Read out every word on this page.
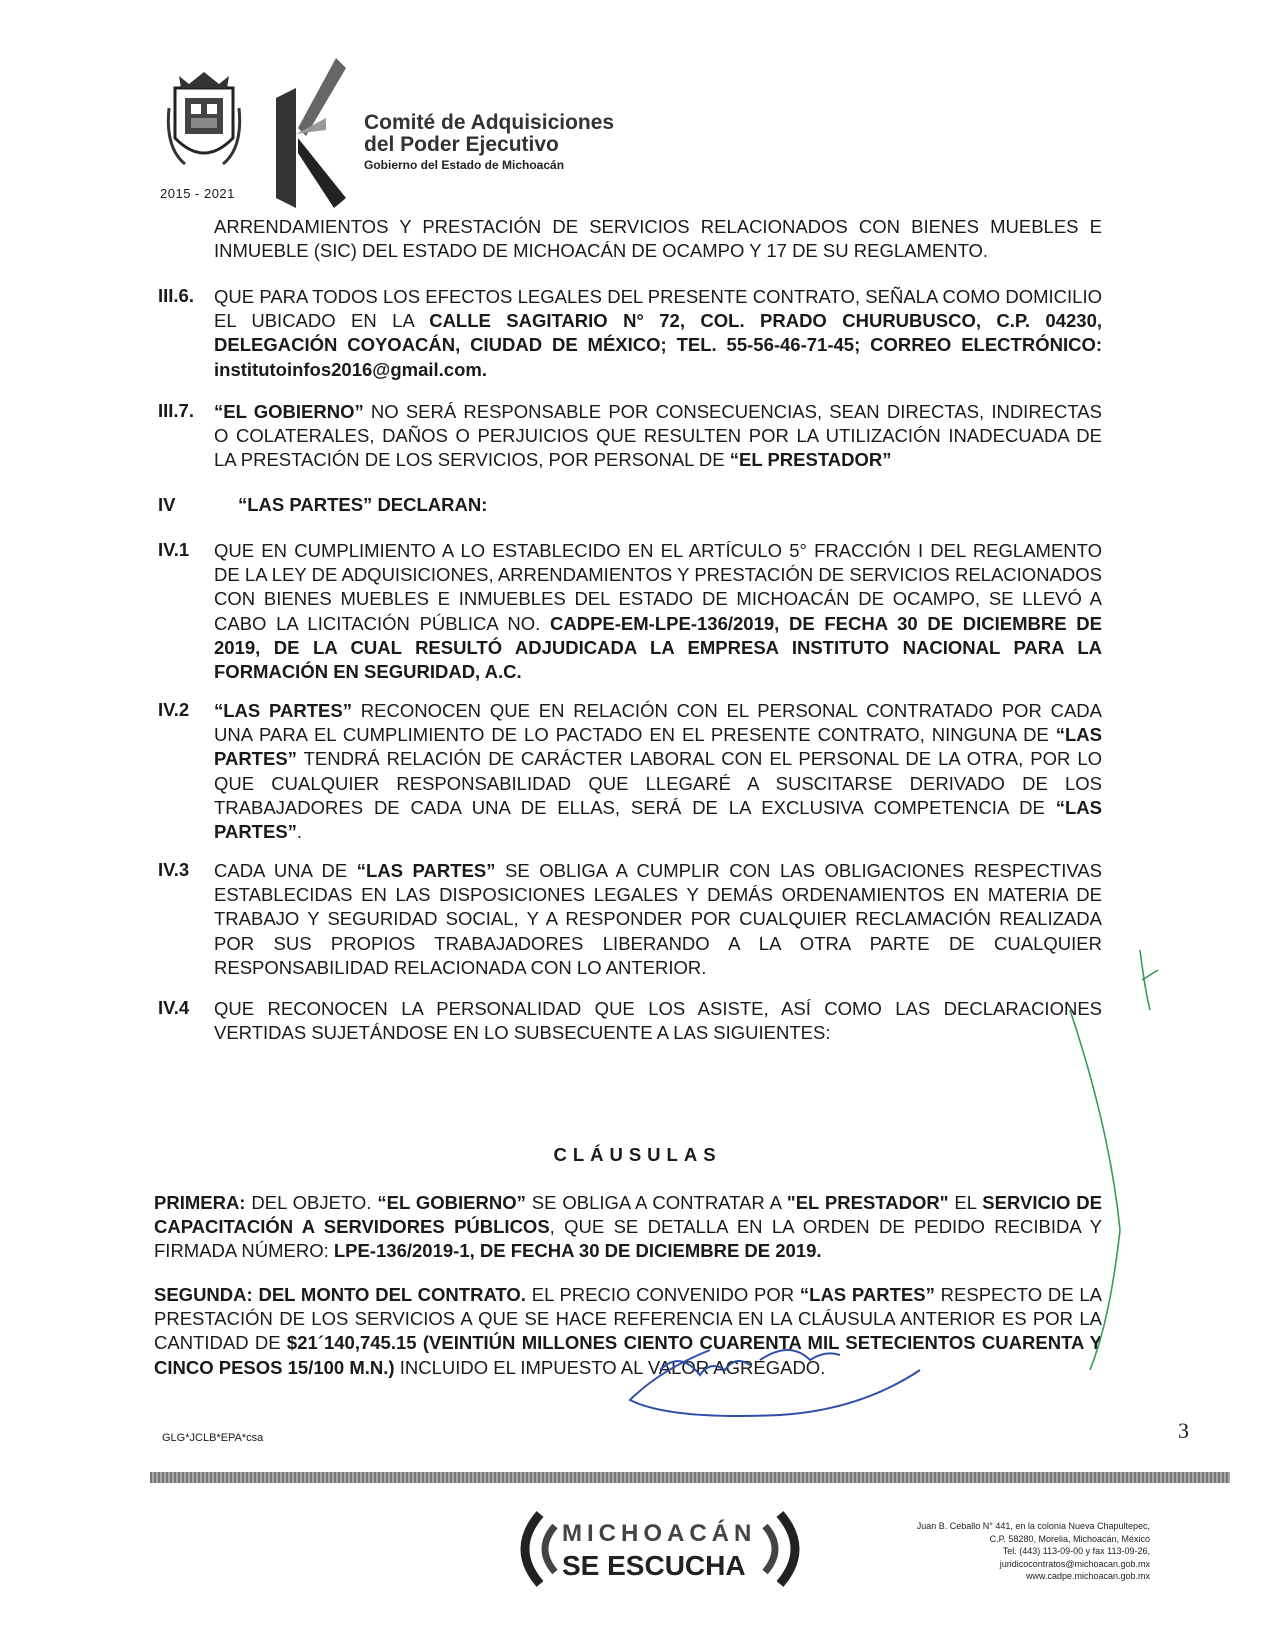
2015 - 2021
Comité de Adquisiciones
del Poder Ejecutivo
Gobierno del Estado de Michoacán
ARRENDAMIENTOS Y PRESTACIÓN DE SERVICIOS RELACIONADOS CON BIENES MUEBLES E INMUEBLE (SIC) DEL ESTADO DE MICHOACÁN DE OCAMPO Y 17 DE SU REGLAMENTO.
III.6. QUE PARA TODOS LOS EFECTOS LEGALES DEL PRESENTE CONTRATO, SEÑALA COMO DOMICILIO EL UBICADO EN LA CALLE SAGITARIO N° 72, COL. PRADO CHURUBUSCO, C.P. 04230, DELEGACIÓN COYOACÁN, CIUDAD DE MÉXICO; TEL. 55-56-46-71-45; CORREO ELECTRÓNICO: institutoinfos2016@gmail.com.
III.7. “EL GOBIERNO” NO SERÁ RESPONSABLE POR CONSECUENCIAS, SEAN DIRECTAS, INDIRECTAS O COLATERALES, DAÑOS O PERJUICIOS QUE RESULTEN POR LA UTILIZACIÓN INADECUADA DE LA PRESTACIÓN DE LOS SERVICIOS, POR PERSONAL DE “EL PRESTADOR”
IV	“LAS PARTES” DECLARAN:
IV.1 QUE EN CUMPLIMIENTO A LO ESTABLECIDO EN EL ARTÍCULO 5° FRACCIÓN I DEL REGLAMENTO DE LA LEY DE ADQUISICIONES, ARRENDAMIENTOS Y PRESTACIÓN DE SERVICIOS RELACIONADOS CON BIENES MUEBLES E INMUEBLES DEL ESTADO DE MICHOACÁN DE OCAMPO, SE LLEVÓ A CABO LA LICITACIÓN PÚBLICA NO. CADPE-EM-LPE-136/2019, DE FECHA 30 DE DICIEMBRE DE 2019, DE LA CUAL RESULTÓ ADJUDICADA LA EMPRESA INSTITUTO NACIONAL PARA LA FORMACIÓN EN SEGURIDAD, A.C.
IV.2 “LAS PARTES” RECONOCEN QUE EN RELACIÓN CON EL PERSONAL CONTRATADO POR CADA UNA PARA EL CUMPLIMIENTO DE LO PACTADO EN EL PRESENTE CONTRATO, NINGUNA DE “LAS PARTES” TENDRÁ RELACIÓN DE CARÁCTER LABORAL CON EL PERSONAL DE LA OTRA, POR LO QUE CUALQUIER RESPONSABILIDAD QUE LLEGARÉ A SUSCITARSE DERIVADO DE LOS TRABAJADORES DE CADA UNA DE ELLAS, SERÁ DE LA EXCLUSIVA COMPETENCIA DE “LAS PARTES”.
IV.3 CADA UNA DE “LAS PARTES” SE OBLIGA A CUMPLIR CON LAS OBLIGACIONES RESPECTIVAS ESTABLECIDAS EN LAS DISPOSICIONES LEGALES Y DEMÁS ORDENAMIENTOS EN MATERIA DE TRABAJO Y SEGURIDAD SOCIAL, Y A RESPONDER POR CUALQUIER RECLAMACIÓN REALIZADA POR SUS PROPIOS TRABAJADORES LIBERANDO A LA OTRA PARTE DE CUALQUIER RESPONSABILIDAD RELACIONADA CON LO ANTERIOR.
IV.4 QUE RECONOCEN LA PERSONALIDAD QUE LOS ASISTE, ASÍ COMO LAS DECLARACIONES VERTIDAS SUJETÁNDOSE EN LO SUBSECUENTE A LAS SIGUIENTES:
CLÁUSULAS
PRIMERA: DEL OBJETO. “EL GOBIERNO” SE OBLIGA A CONTRATAR A "EL PRESTADOR" EL SERVICIO DE CAPACITACIÓN A SERVIDORES PÚBLICOS, QUE SE DETALLA EN LA ORDEN DE PEDIDO RECIBIDA Y FIRMADA NÚMERO: LPE-136/2019-1, DE FECHA 30 DE DICIEMBRE DE 2019.
SEGUNDA: DEL MONTO DEL CONTRATO. EL PRECIO CONVENIDO POR “LAS PARTES” RESPECTO DE LA PRESTACIÓN DE LOS SERVICIOS A QUE SE HACE REFERENCIA EN LA CLÁUSULA ANTERIOR ES POR LA CANTIDAD DE $21´140,745.15 (VEINTIÚN MILLONES CIENTO CUARENTA MIL SETECIENTOS CUARENTA Y CINCO PESOS 15/100 M.N.) INCLUIDO EL IMPUESTO AL VALOR AGREGADO.
GLG*JCLB*EPA*csa	3
MICHOACÁN
SE ESCUCHA
Juan B. Ceballo N° 441, en la colonia Nueva Chapultepec,
C.P. 58280, Morelia, Michoacán, México
Tel. (443) 113-09-00 y fax 113-09-26,
juridicocontratos@michoacan.gob.mx
www.cadpe.michoacan.gob.mx
